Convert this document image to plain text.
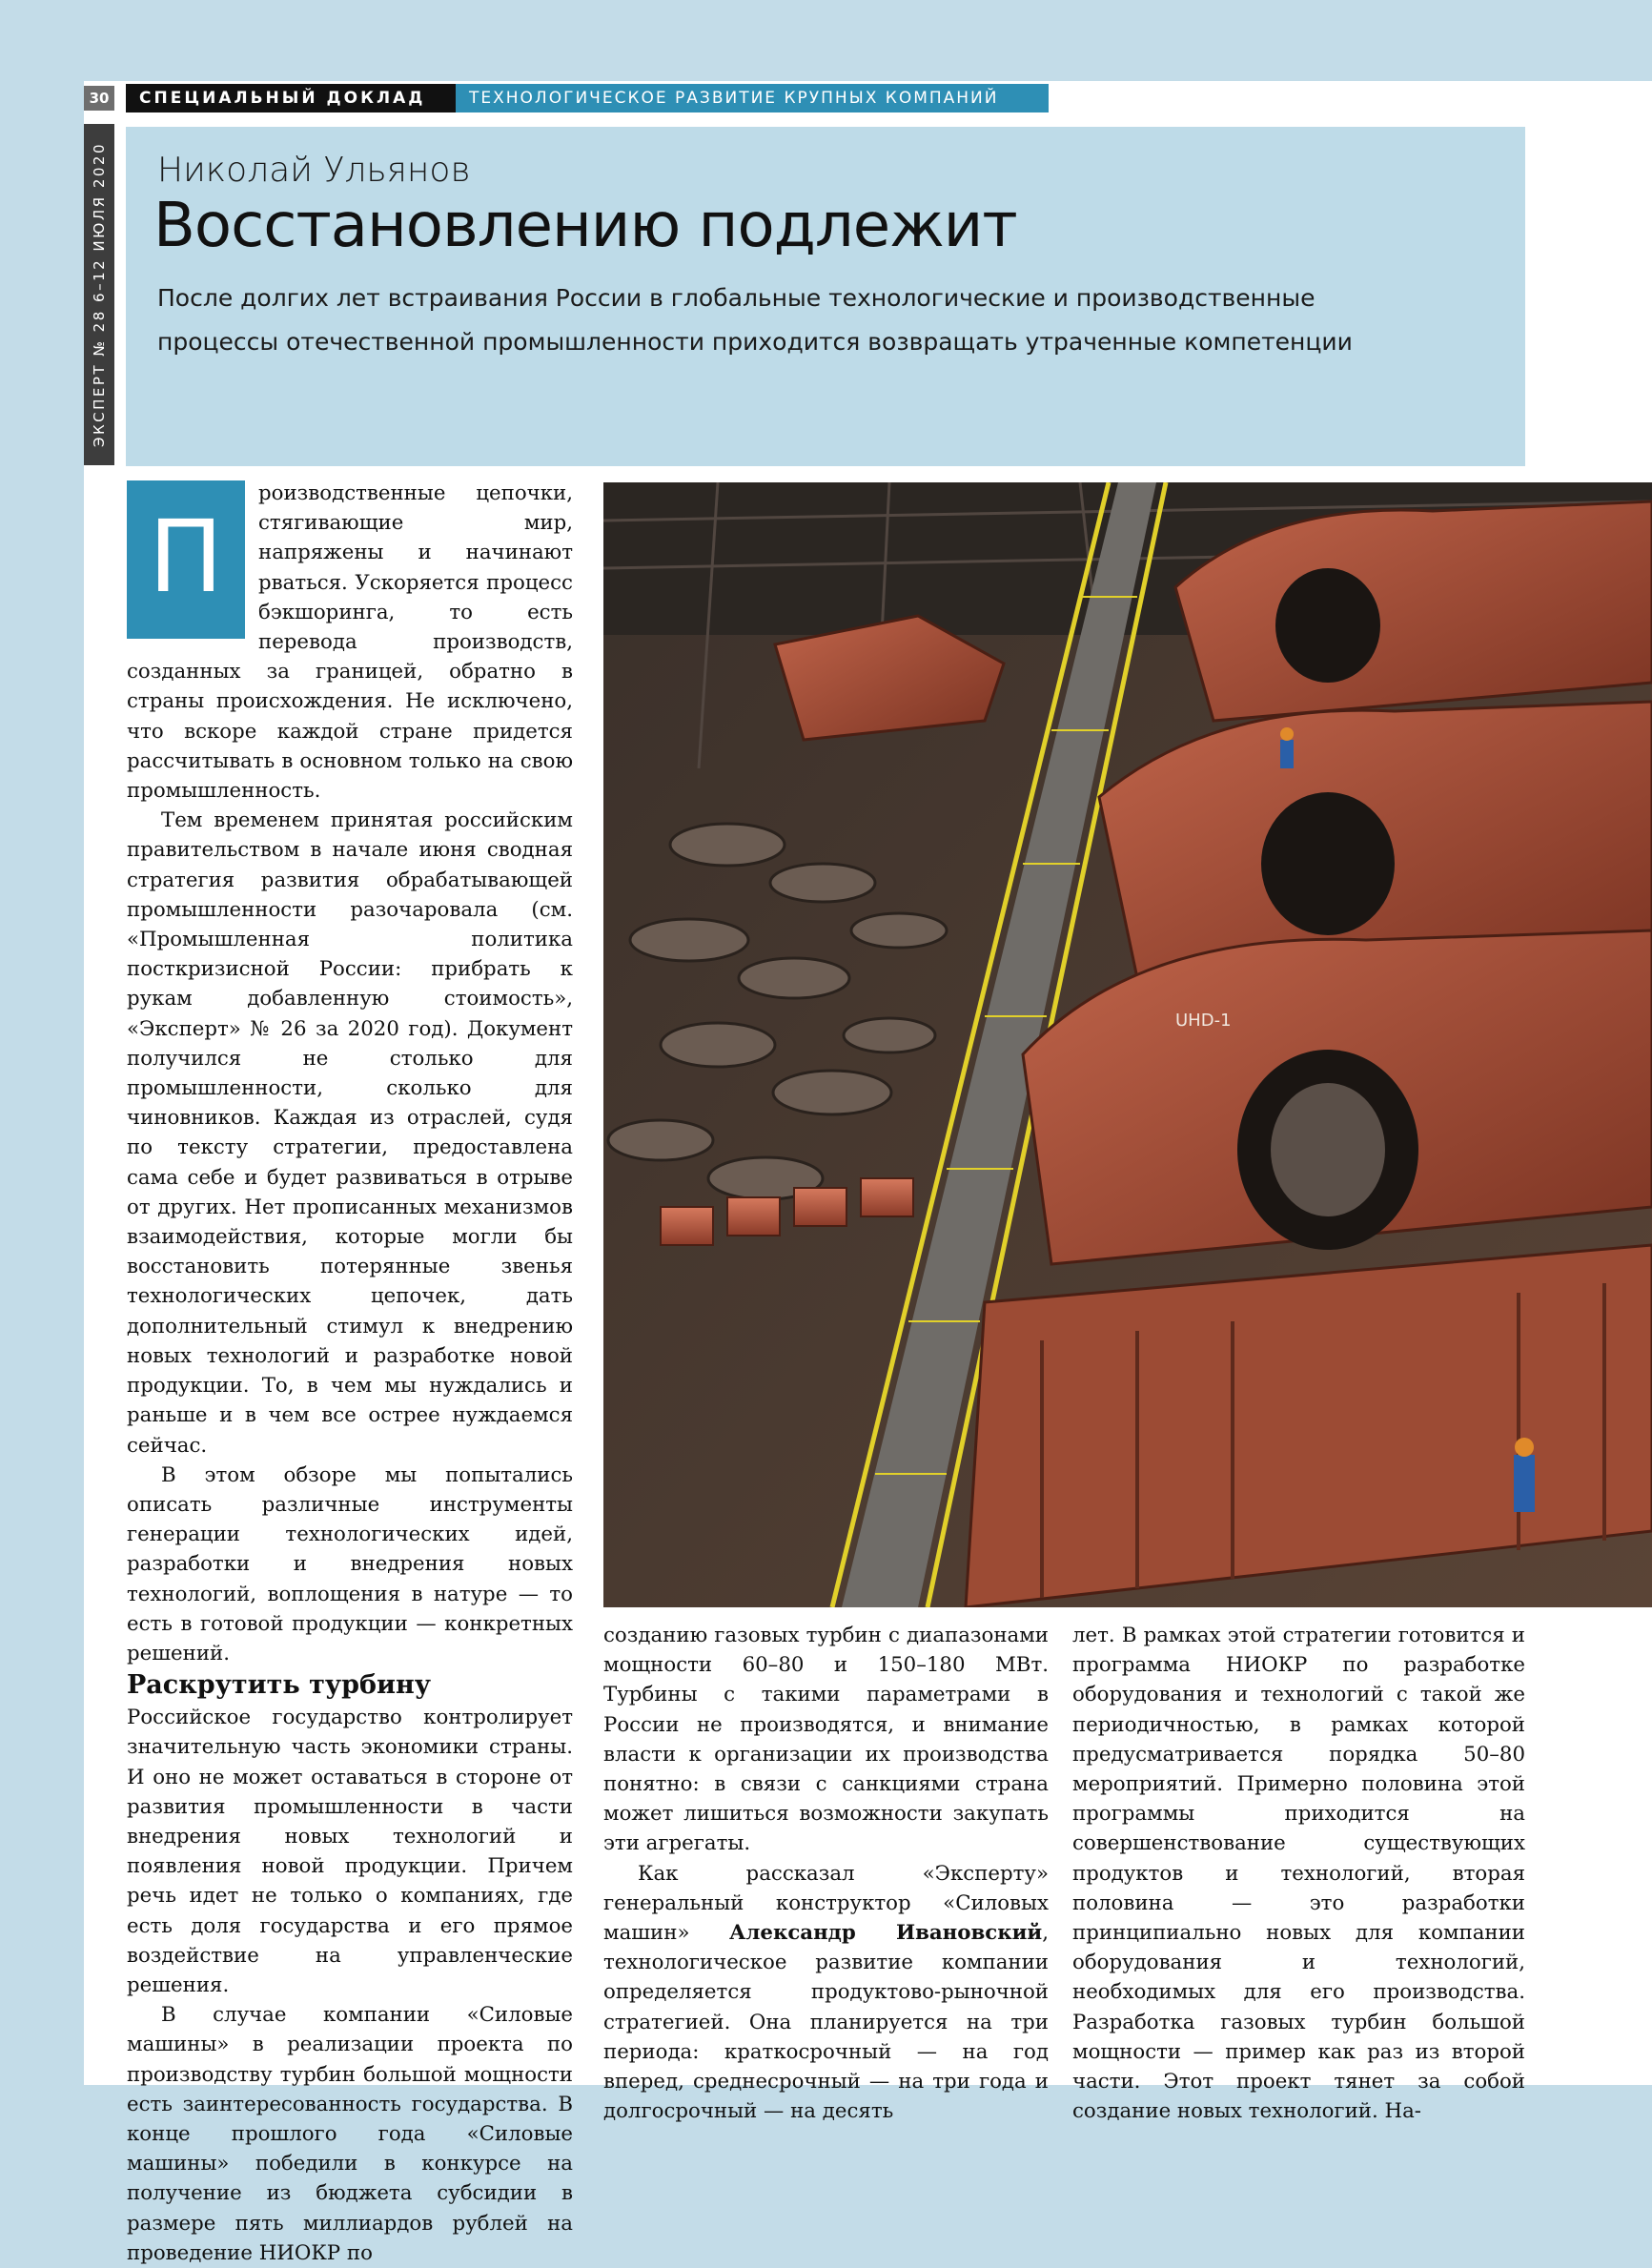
30	СПЕЦИАЛЬНЫЙ ДОКЛАД	ТЕХНОЛОГИЧЕСКОЕ РАЗВИТИЕ КРУПНЫХ КОМПАНИЙ
ЭКСПЕРТ № 28 6–12 ИЮЛЯ 2020 Николай Ульянов
Восстановлению подлежит
После долгих лет встраивания России в глобальные технологические и производственные процессы отечественной промышленности приходится возвращать утраченные компетенции
П

роизводственные цепочки, стягивающие мир, напряжены и начинают рваться. Ускоряется процесс бэкшоринга, то есть перевода производств, созданных за границей, обратно в страны происхождения. Не исключено, что вскоре каждой стране придется рассчитывать в основном только на свою промышленность.

Тем временем принятая российским правительством в начале июня сводная стратегия развития обрабатывающей промышленности разочаровала (см. «Промышленная политика посткризисной России: прибрать к рукам добавленную стоимость», «Эксперт» № 26 за 2020 год). Документ получился не столько для промышленности, сколько для чиновников. Каждая из отраслей, судя по тексту стратегии, предоставлена сама себе и будет развиваться в отрыве от других. Нет прописанных механизмов взаимодействия, которые могли бы восстановить потерянные звенья технологических цепочек, дать дополнительный стимул к внедрению новых технологий и разработке новой продукции. То, в чем мы нуждались и раньше и в чем все острее нуждаемся сейчас.

В этом обзоре мы попытались описать различные инструменты генерации технологических идей, разработки и внедрения новых технологий, воплощения в натуре — то есть в готовой продукции — конкретных решений.

Раскрутить турбину

Российское государство контролирует значительную часть экономики страны. И оно не может оставаться в стороне от развития промышленности в части внедрения новых технологий и появления новой продукции. Причем речь идет не только о компаниях, где есть доля государства и его прямое воздействие на управленческие решения.

В случае компании «Силовые машины» в реализации проекта по производству турбин большой мощности есть заинтересованность государства. В конце прошлого года «Силовые машины» победили в конкурсе на получение из бюджета субсидии в размере пять миллиардов рублей на проведение НИОКР по

UHD-1

созданию газовых турбин с диапазонами мощности 60–80 и 150–180 МВт. Турбины с такими параметрами в России не производятся, и внимание власти к организации их производства понятно: в связи с санкциями страна может лишиться возможности закупать эти агрегаты.

Как рассказал «Эксперту» генеральный конструктор «Силовых машин» Александр Ивановский, технологическое развитие компании определяется продуктово-рыночной стратегией. Она планируется на три периода: краткосрочный — на год вперед, среднесрочный — на три года и долгосрочный — на десять

лет. В рамках этой стратегии готовится и программа НИОКР по разработке оборудования и технологий с такой же периодичностью, в рамках которой предусматривается порядка 50–80 мероприятий. Примерно половина этой программы приходится на совершенствование существующих продуктов и технологий, вторая половина — это разработки принципиально новых для компании оборудования и технологий, необходимых для его производства. Разработка газовых турбин большой мощности — пример как раз из второй части. Этот проект тянет за собой создание новых технологий. На-
